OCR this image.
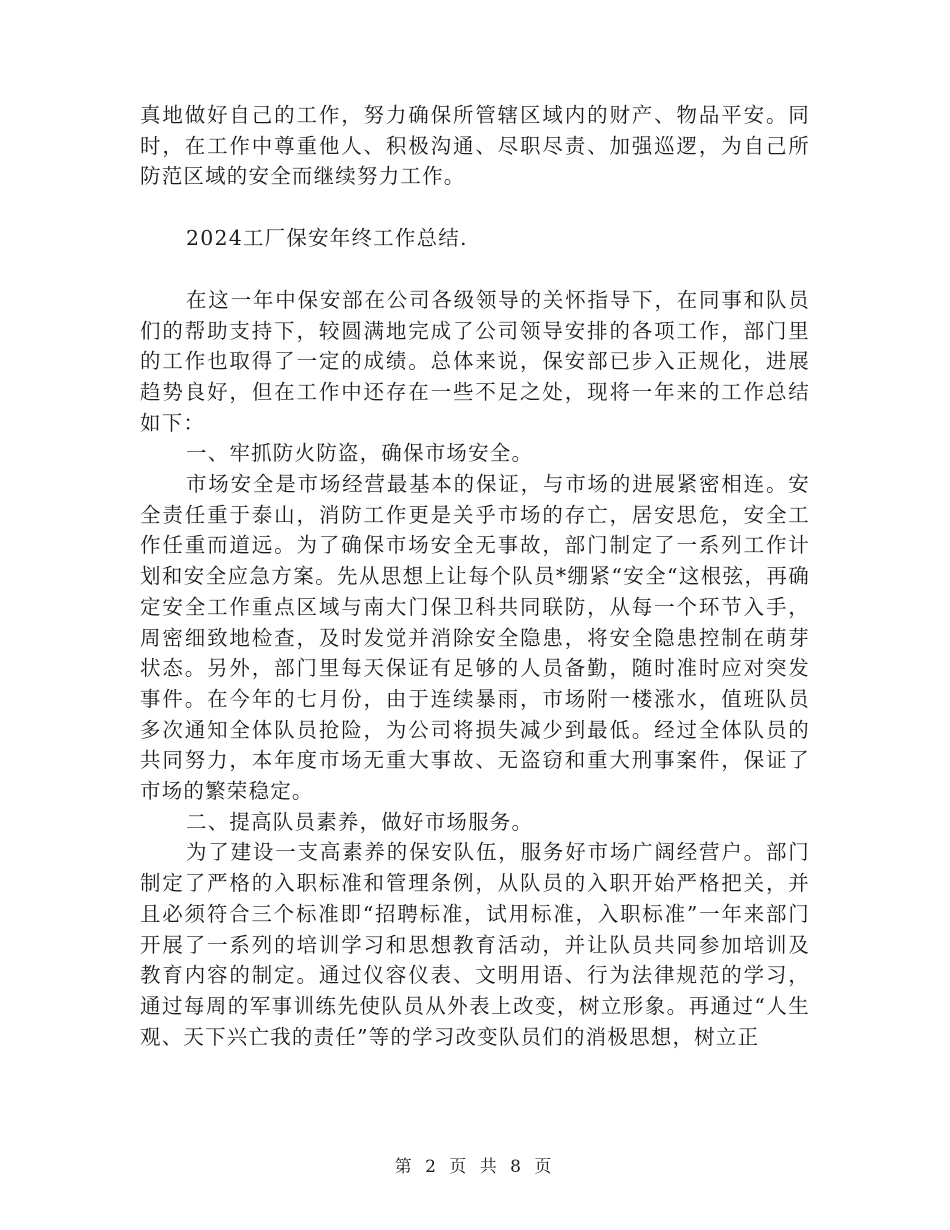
真地做好自己的工作，努力确保所管辖区域内的财产、物品平安。同时，在工作中尊重他人、积极沟通、尽职尽责、加强巡逻，为自己所防范区域的安全而继续努力工作。

2024工厂保安年终工作总结.

在这一年中保安部在公司各级领导的关怀指导下，在同事和队员们的帮助支持下，较圆满地完成了公司领导安排的各项工作，部门里的工作也取得了一定的成绩。总体来说，保安部已步入正规化，进展趋势良好，但在工作中还存在一些不足之处，现将一年来的工作总结如下：

一、牢抓防火防盗，确保市场安全。

市场安全是市场经营最基本的保证，与市场的进展紧密相连。安全责任重于泰山，消防工作更是关乎市场的存亡，居安思危，安全工作任重而道远。为了确保市场安全无事故，部门制定了一系列工作计划和安全应急方案。先从思想上让每个队员*绷紧“安全“这根弦，再确定安全工作重点区域与南大门保卫科共同联防，从每一个环节入手，周密细致地检查，及时发觉并消除安全隐患，将安全隐患控制在萌芽状态。另外，部门里每天保证有足够的人员备勤，随时准时应对突发事件。在今年的七月份，由于连续暴雨，市场附一楼涨水，值班队员多次通知全体队员抢险，为公司将损失减少到最低。经过全体队员的共同努力，本年度市场无重大事故、无盗窃和重大刑事案件，保证了市场的繁荣稳定。

二、提高队员素养，做好市场服务。

为了建设一支高素养的保安队伍，服务好市场广阔经营户。部门制定了严格的入职标准和管理条例，从队员的入职开始严格把关，并且必须符合三个标准即“招聘标准，试用标准，入职标准”一年来部门开展了一系列的培训学习和思想教育活动，并让队员共同参加培训及教育内容的制定。通过仪容仪表、文明用语、行为法律规范的学习，通过每周的军事训练先使队员从外表上改变，树立形象。再通过“人生观、天下兴亡我的责任”等的学习改变队员们的消极思想，树立正

第 2 页 共 8 页
